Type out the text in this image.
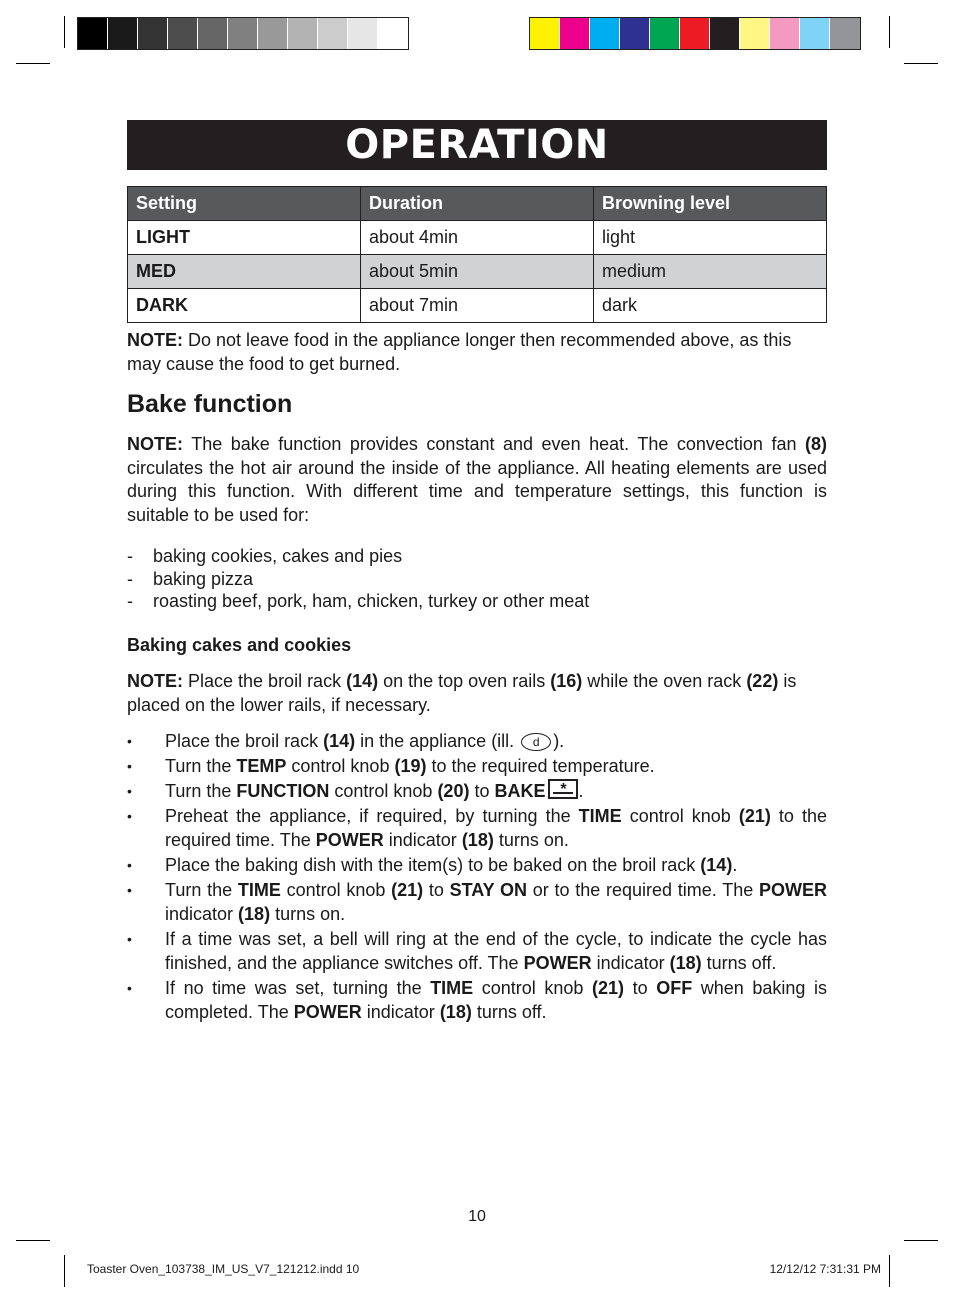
OPERATION
Setting	Duration	Browning level
LIGHT	about 4min	light
MED	about 5min	medium
DARK	about 7min	dark

NOTE: Do not leave food in the appliance longer then recommended above, as this may cause the food to get burned.

Bake function

NOTE: The bake function provides constant and even heat. The convection fan (8) circulates the hot air around the inside of the appliance. All heating elements are used during this function. With different time and temperature settings, this function is suitable to be used for:

- baking cookies, cakes and pies
- baking pizza
- roasting beef, pork, ham, chicken, turkey or other meat
Baking cakes and cookies

NOTE: Place the broil rack (14) on the top oven rails (16) while the oven rack (22) is placed on the lower rails, if necessary.

• Place the broil rack (14) in the appliance (ill. d ).
• Turn the TEMP control knob (19) to the required temperature.
• Turn the FUNCTION control knob (20) to BAKE * .
• Preheat the appliance, if required, by turning the TIME control knob (21) to the required time. The POWER indicator (18) turns on.
• Place the baking dish with the item(s) to be baked on the broil rack (14).
• Turn the TIME control knob (21) to STAY ON or to the required time. The POWER indicator (18) turns on.
• If a time was set, a bell will ring at the end of the cycle, to indicate the cycle has finished, and the appliance switches off. The POWER indicator (18) turns off.
• If no time was set, turning the TIME control knob (21) to OFF when baking is completed. The POWER indicator (18) turns off.
10
Toaster Oven_103738_IM_US_V7_121212.indd 10	12/12/12 7:31:31 PM
